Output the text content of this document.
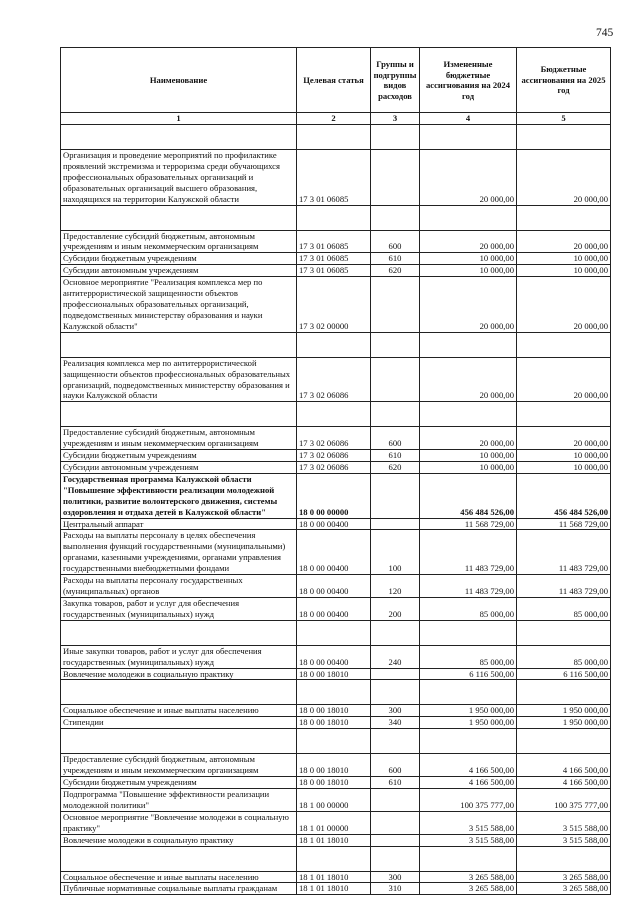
745
Наименование	Целевая статья	Группы и подгруппы видов расходов	Измененные бюджетные ассигнования на 2024 год	Бюджетные ассигнования на 2025 год
1	2	3	4	5

Организация и проведение мероприятий по профилактике проявлений экстремизма и терроризма среди обучающихся профессиональных образовательных организаций и образовательных организаций высшего образования, находящихся на территории Калужской области	17 3 01 06085		20 000,00	20 000,00

Предоставление субсидий бюджетным, автономным учреждениям и иным некоммерческим организациям	17 3 01 06085	600	20 000,00	20 000,00
Субсидии бюджетным учреждениям	17 3 01 06085	610	10 000,00	10 000,00
Субсидии автономным учреждениям	17 3 01 06085	620	10 000,00	10 000,00
Основное мероприятие "Реализация комплекса мер по антитеррористической защищенности объектов профессиональных образовательных организаций, подведомственных министерству образования и науки Калужской области"	17 3 02 00000		20 000,00	20 000,00

Реализация комплекса мер по антитеррористической защищенности объектов профессиональных образовательных организаций, подведомственных министерству образования и науки Калужской области	17 3 02 06086		20 000,00	20 000,00

Предоставление субсидий бюджетным, автономным учреждениям и иным некоммерческим организациям	17 3 02 06086	600	20 000,00	20 000,00
Субсидии бюджетным учреждениям	17 3 02 06086	610	10 000,00	10 000,00
Субсидии автономным учреждениям	17 3 02 06086	620	10 000,00	10 000,00
Государственная программа Калужской области "Повышение эффективности реализации молодежной политики, развитие волонтерского движения, системы оздоровления и отдыха детей в Калужской области"	18 0 00 00000		456 484 526,00	456 484 526,00
Центральный аппарат	18 0 00 00400		11 568 729,00	11 568 729,00
Расходы на выплаты персоналу в целях обеспечения выполнения функций государственными (муниципальными) органами, казенными учреждениями, органами управления государственными внебюджетными фондами	18 0 00 00400	100	11 483 729,00	11 483 729,00
Расходы на выплаты персоналу государственных (муниципальных) органов	18 0 00 00400	120	11 483 729,00	11 483 729,00
Закупка товаров, работ и услуг для обеспечения государственных (муниципальных) нужд	18 0 00 00400	200	85 000,00	85 000,00

Иные закупки товаров, работ и услуг для обеспечения государственных (муниципальных) нужд	18 0 00 00400	240	85 000,00	85 000,00
Вовлечение молодежи в социальную практику	18 0 00 18010		6 116 500,00	6 116 500,00

Социальное обеспечение и иные выплаты населению	18 0 00 18010	300	1 950 000,00	1 950 000,00
Стипендии	18 0 00 18010	340	1 950 000,00	1 950 000,00

Предоставление субсидий бюджетным, автономным учреждениям и иным некоммерческим организациям	18 0 00 18010	600	4 166 500,00	4 166 500,00
Субсидии бюджетным учреждениям	18 0 00 18010	610	4 166 500,00	4 166 500,00
Подпрограмма "Повышение эффективности реализации молодежной политики"	18 1 00 00000		100 375 777,00	100 375 777,00
Основное мероприятие "Вовлечение молодежи в социальную практику"	18 1 01 00000		3 515 588,00	3 515 588,00
Вовлечение молодежи в социальную практику	18 1 01 18010		3 515 588,00	3 515 588,00

Социальное обеспечение и иные выплаты населению	18 1 01 18010	300	3 265 588,00	3 265 588,00
Публичные нормативные социальные выплаты гражданам	18 1 01 18010	310	3 265 588,00	3 265 588,00
